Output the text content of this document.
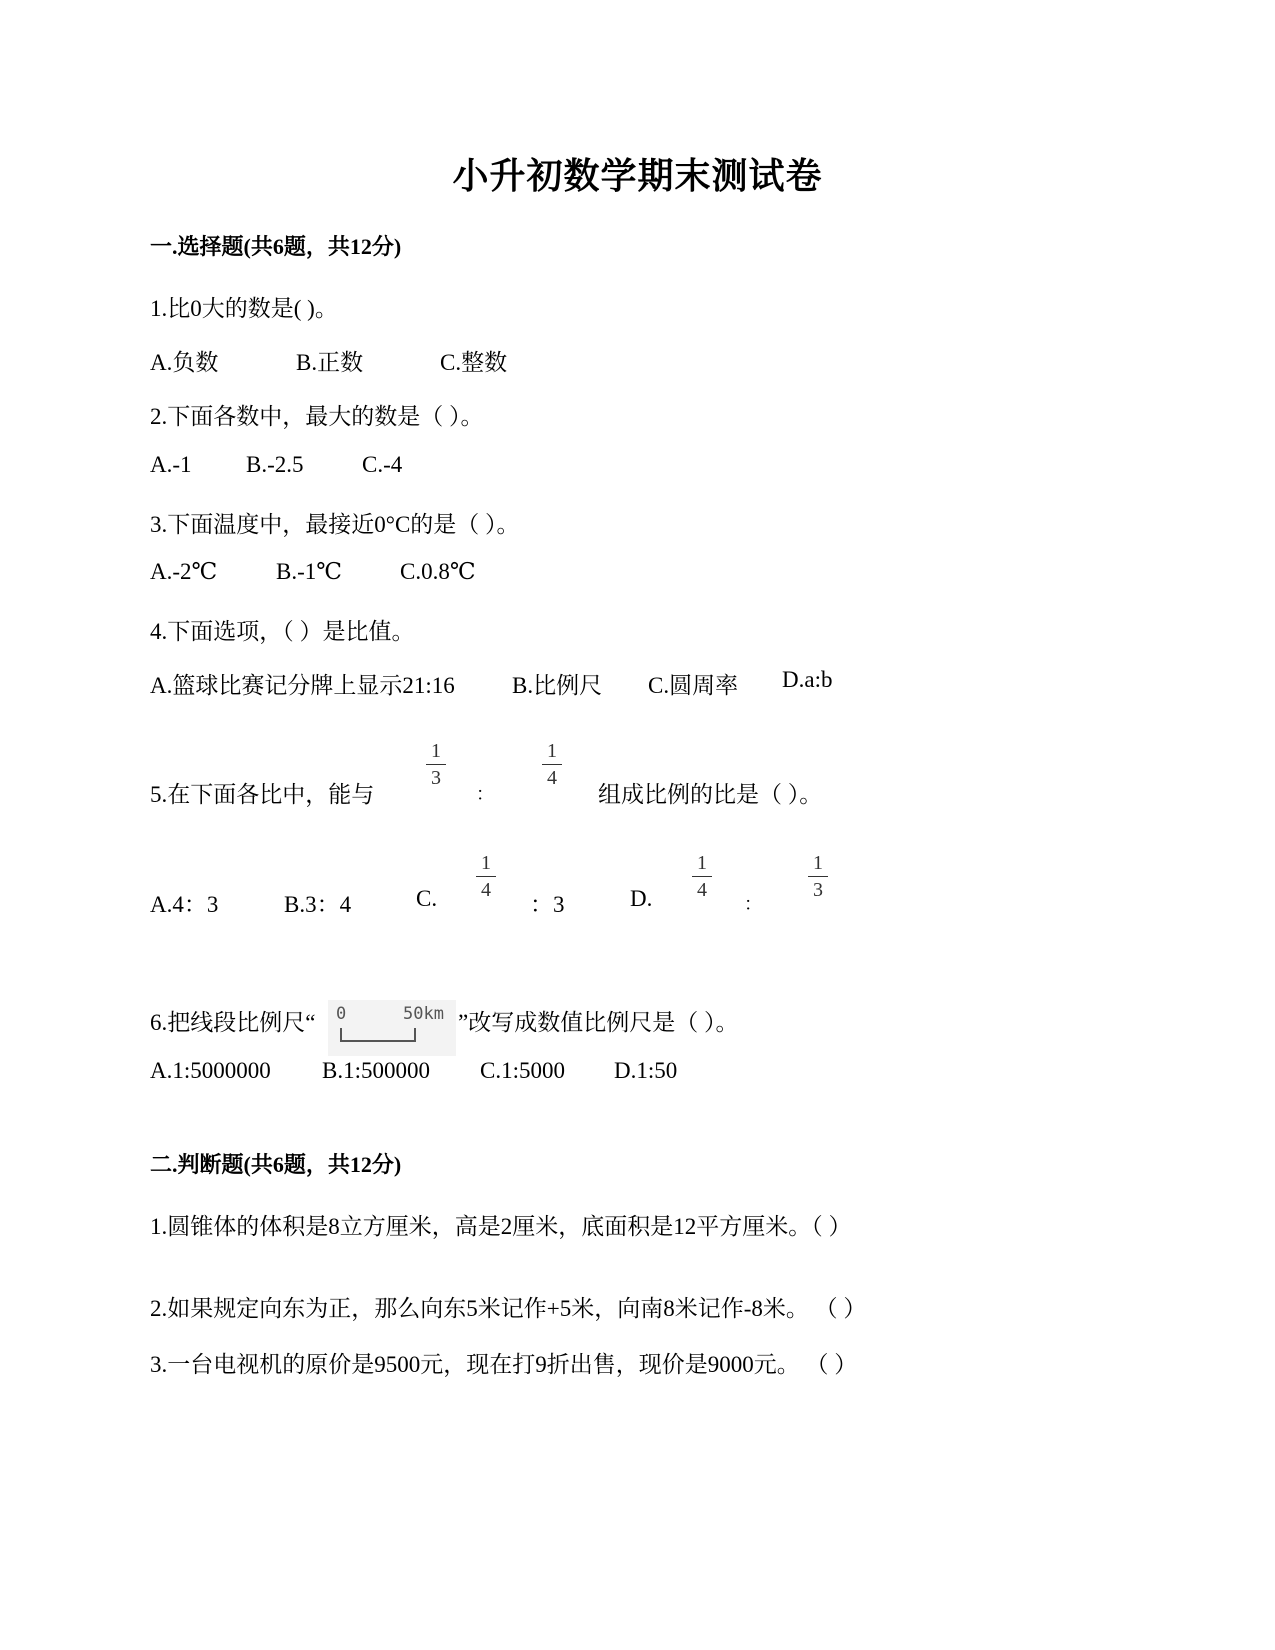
小升初数学期末测试卷
一.选择题(共6题，共12分)
1.比0大的数是( )。
A.负数	B.正数	C.整数
2.下面各数中，最大的数是（ ）。
A.-1 B.-2.5	C.-4
3.下面温度中，最接近0°C的是（ ）。
A.-2℃	B.-1℃	C.0.8℃
4.下面选项，（ ）是比值。
A.篮球比赛记分牌上显示21:16 B.比例尺 C.圆周率 D.a:b
5.在下面各比中，能与
1
3
：
1
4
组成比例的比是（ ）。
A.4：3	B.3：4	C.
1
4
：3	D.
1
4
：
1
3
6.把线段比例尺“ 0	50km ”改写成数值比例尺是（ ）。
A.1:5000000 B.1:500000 C.1:5000 D.1:50
二.判断题(共6题，共12分)
1.圆锥体的体积是8立方厘米，高是2厘米，底面积是12平方厘米。（ ）
2.如果规定向东为正，那么向东5米记作+5米，向南8米记作-8米。 （ ）
3.一台电视机的原价是9500元，现在打9折出售，现价是9000元。 （ ）
